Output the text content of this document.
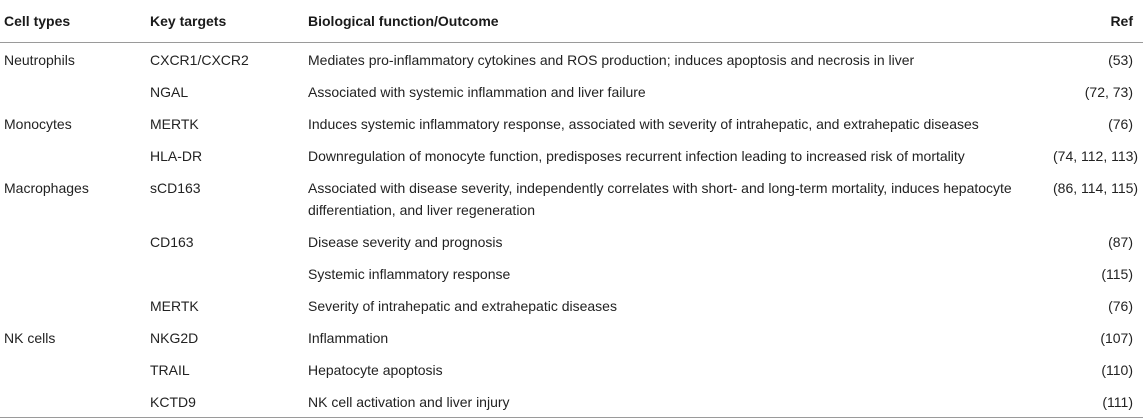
Cell types	Key targets	Biological function/Outcome	Ref
Neutrophils	CXCR1/CXCR2	Mediates pro-inflammatory cytokines and ROS production; induces apoptosis and necrosis in liver	(53)
	NGAL	Associated with systemic inflammation and liver failure	(72, 73)
Monocytes	MERTK	Induces systemic inflammatory response, associated with severity of intrahepatic, and extrahepatic diseases	(76)
	HLA-DR	Downregulation of monocyte function, predisposes recurrent infection leading to increased risk of mortality	(74, 112, 113)
Macrophages	sCD163	Associated with disease severity, independently correlates with short- and long-term mortality, induces hepatocyte differentiation, and liver regeneration	(86, 114, 115)
	CD163	Disease severity and prognosis	(87)
		Systemic inflammatory response	(115)
	MERTK	Severity of intrahepatic and extrahepatic diseases	(76)
NK cells	NKG2D	Inflammation	(107)
	TRAIL	Hepatocyte apoptosis	(110)
	KCTD9	NK cell activation and liver injury	(111)
